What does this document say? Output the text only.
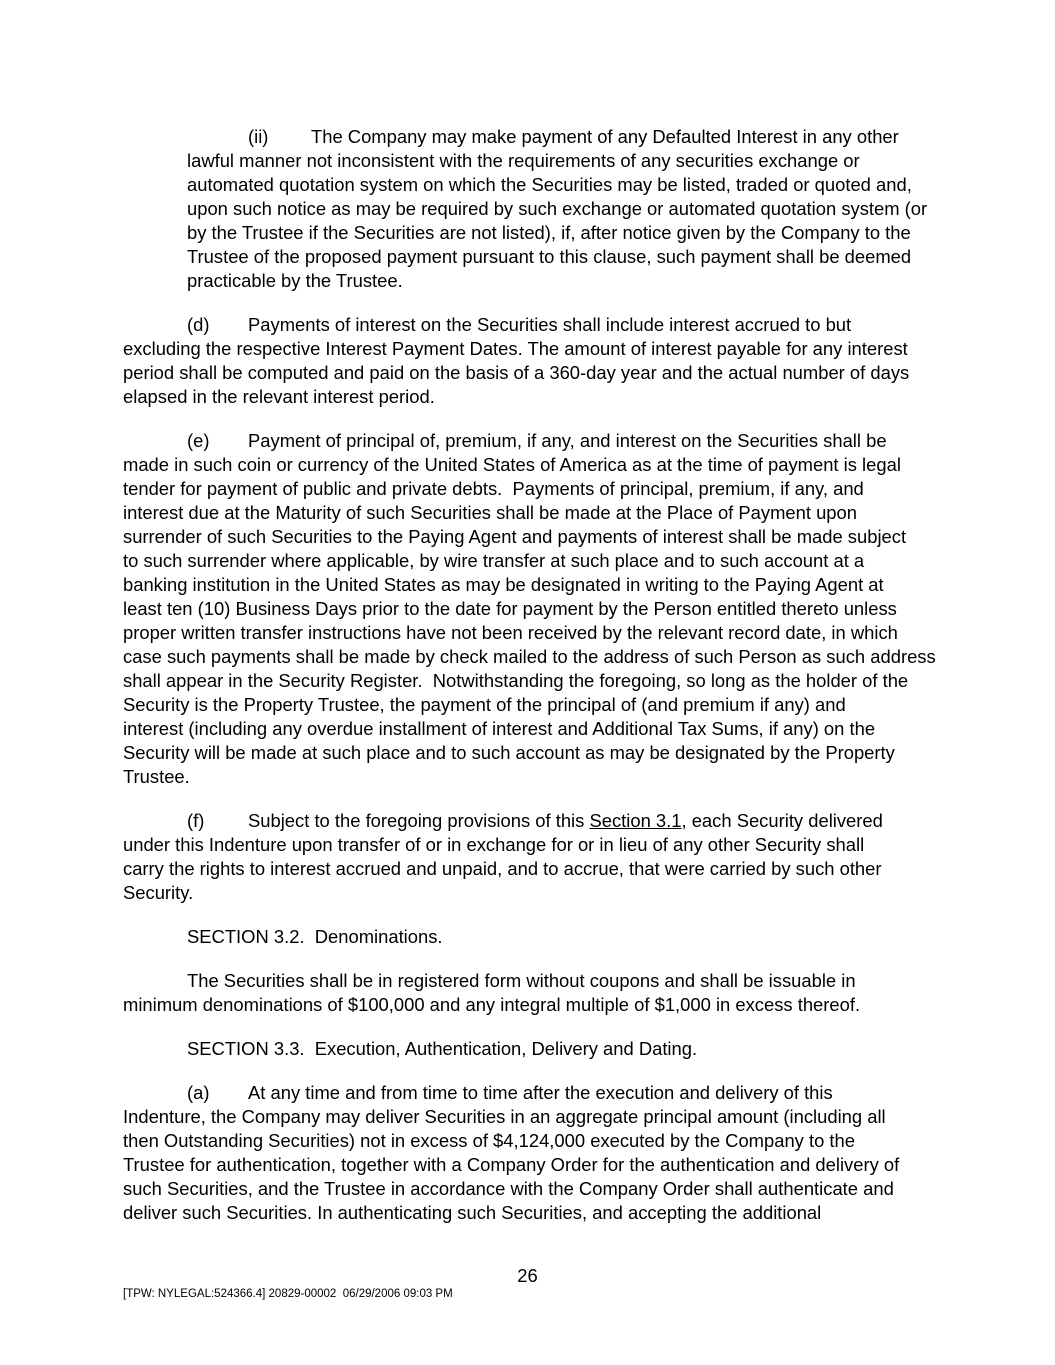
(ii) The Company may make payment of any Defaulted Interest in any other
lawful manner not inconsistent with the requirements of any securities exchange or
automated quotation system on which the Securities may be listed, traded or quoted and,
upon such notice as may be required by such exchange or automated quotation system (or
by the Trustee if the Securities are not listed), if, after notice given by the Company to the
Trustee of the proposed payment pursuant to this clause, such payment shall be deemed
practicable by the Trustee.
(d) Payments of interest on the Securities shall include interest accrued to but
excluding the respective Interest Payment Dates. The amount of interest payable for any interest
period shall be computed and paid on the basis of a 360-day year and the actual number of days
elapsed in the relevant interest period.
(e) Payment of principal of, premium, if any, and interest on the Securities shall be
made in such coin or currency of the United States of America as at the time of payment is legal
tender for payment of public and private debts.  Payments of principal, premium, if any, and
interest due at the Maturity of such Securities shall be made at the Place of Payment upon
surrender of such Securities to the Paying Agent and payments of interest shall be made subject
to such surrender where applicable, by wire transfer at such place and to such account at a
banking institution in the United States as may be designated in writing to the Paying Agent at
least ten (10) Business Days prior to the date for payment by the Person entitled thereto unless
proper written transfer instructions have not been received by the relevant record date, in which
case such payments shall be made by check mailed to the address of such Person as such address
shall appear in the Security Register.  Notwithstanding the foregoing, so long as the holder of the
Security is the Property Trustee, the payment of the principal of (and premium if any) and
interest (including any overdue installment of interest and Additional Tax Sums, if any) on the
Security will be made at such place and to such account as may be designated by the Property
Trustee.
(f) Subject to the foregoing provisions of this Section 3.1, each Security delivered
under this Indenture upon transfer of or in exchange for or in lieu of any other Security shall
carry the rights to interest accrued and unpaid, and to accrue, that were carried by such other
Security.
SECTION 3.2.  Denominations.
The Securities shall be in registered form without coupons and shall be issuable in
minimum denominations of $100,000 and any integral multiple of $1,000 in excess thereof.
SECTION 3.3.  Execution, Authentication, Delivery and Dating.
(a) At any time and from time to time after the execution and delivery of this
Indenture, the Company may deliver Securities in an aggregate principal amount (including all
then Outstanding Securities) not in excess of $4,124,000 executed by the Company to the
Trustee for authentication, together with a Company Order for the authentication and delivery of
such Securities, and the Trustee in accordance with the Company Order shall authenticate and
deliver such Securities. In authenticating such Securities, and accepting the additional
26
[TPW: NYLEGAL:524366.4] 20829-00002  06/29/2006 09:03 PM
